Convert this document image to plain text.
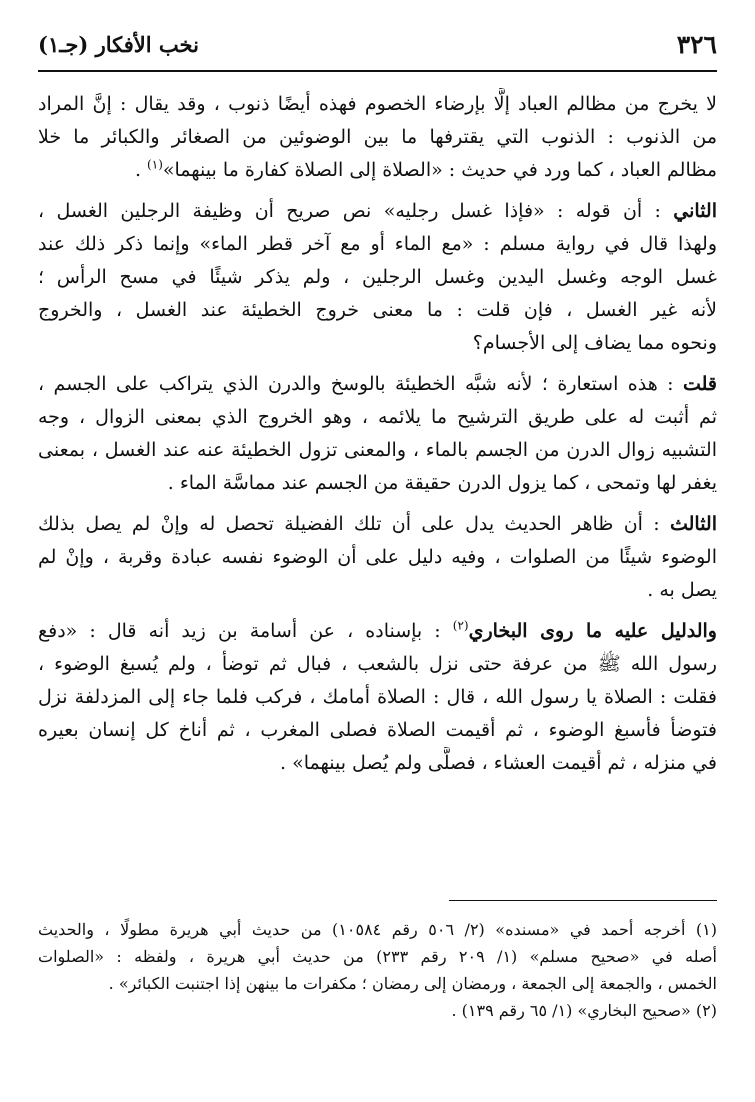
٣٢٦
نخب الأفكار (جـ١)
لا يخرج من مظالم العباد إلَّا بإرضاء الخصوم فهذه أيضًا ذنوب ، وقد يقال : إنَّ المراد
من الذنوب : الذنوب التي يقترفها ما بين الوضوئين من الصغائر والكبائر ما خلا
مظالم العباد ، كما ورد في حديث : «الصلاة إلى الصلاة كفارة ما بينهما»$^{(١)}$ .
الثاني : أن قوله : «فإذا غسل رجليه» نص صريح أن وظيفة الرجلين الغسل ،
ولهذا قال في رواية مسلم : «مع الماء أو مع آخر قطر الماء» وإنما ذكر ذلك عند
غسل الوجه وغسل اليدين وغسل الرجلين ، ولم يذكر شيئًا في مسح الرأس ؛
لأنه غير الغسل ، فإن قلت : ما معنى خروج الخطيئة عند الغسل ، والخروج
ونحوه مما يضاف إلى الأجسام؟
قلت : هذه استعارة ؛ لأنه شبَّه الخطيئة بالوسخ والدرن الذي يتراكب على الجسم ،
ثم أثبت له على طريق الترشيح ما يلائمه ، وهو الخروج الذي بمعنى الزوال ، وجه
التشبيه زوال الدرن من الجسم بالماء ، والمعنى تزول الخطيئة عنه عند الغسل ، بمعنى
يغفر لها وتمحى ، كما يزول الدرن حقيقة من الجسم عند مماسَّة الماء .
الثالث : أن ظاهر الحديث يدل على أن تلك الفضيلة تحصل له وإنْ لم يصل بذلك
الوضوء شيئًا من الصلوات ، وفيه دليل على أن الوضوء نفسه عبادة وقربة ، وإنْ لم
يصل به .
والدليل عليه ما روى البخاري$^{(٢)}$ : بإسناده ، عن أسامة بن زيد أنه قال : «دفع
رسول الله ﷺ من عرفة حتى نزل بالشعب ، فبال ثم توضأ ، ولم يُسبغ الوضوء ،
فقلت : الصلاة يا رسول الله ، قال : الصلاة أمامك ، فركب فلما جاء إلى المزدلفة نزل
فتوضأ فأسبغ الوضوء ، ثم أقيمت الصلاة فصلى المغرب ، ثم أناخ كل إنسان بعيره
في منزله ، ثم أقيمت العشاء ، فصلَّى ولم يُصل بينهما» .
(١) أخرجه أحمد في «مسنده» (٢/ ٥٠٦ رقم ١٠٥٨٤) من حديث أبي هريرة مطولًا ، والحديث
أصله في «صحيح مسلم» (١/ ٢٠٩ رقم ٢٣٣) من حديث أبي هريرة ، ولفظه : «الصلوات
الخمس ، والجمعة إلى الجمعة ، ورمضان إلى رمضان ؛ مكفرات ما بينهن إذا اجتنبت الكبائر» .
(٢) «صحيح البخاري» (١/ ٦٥ رقم ١٣٩) .
